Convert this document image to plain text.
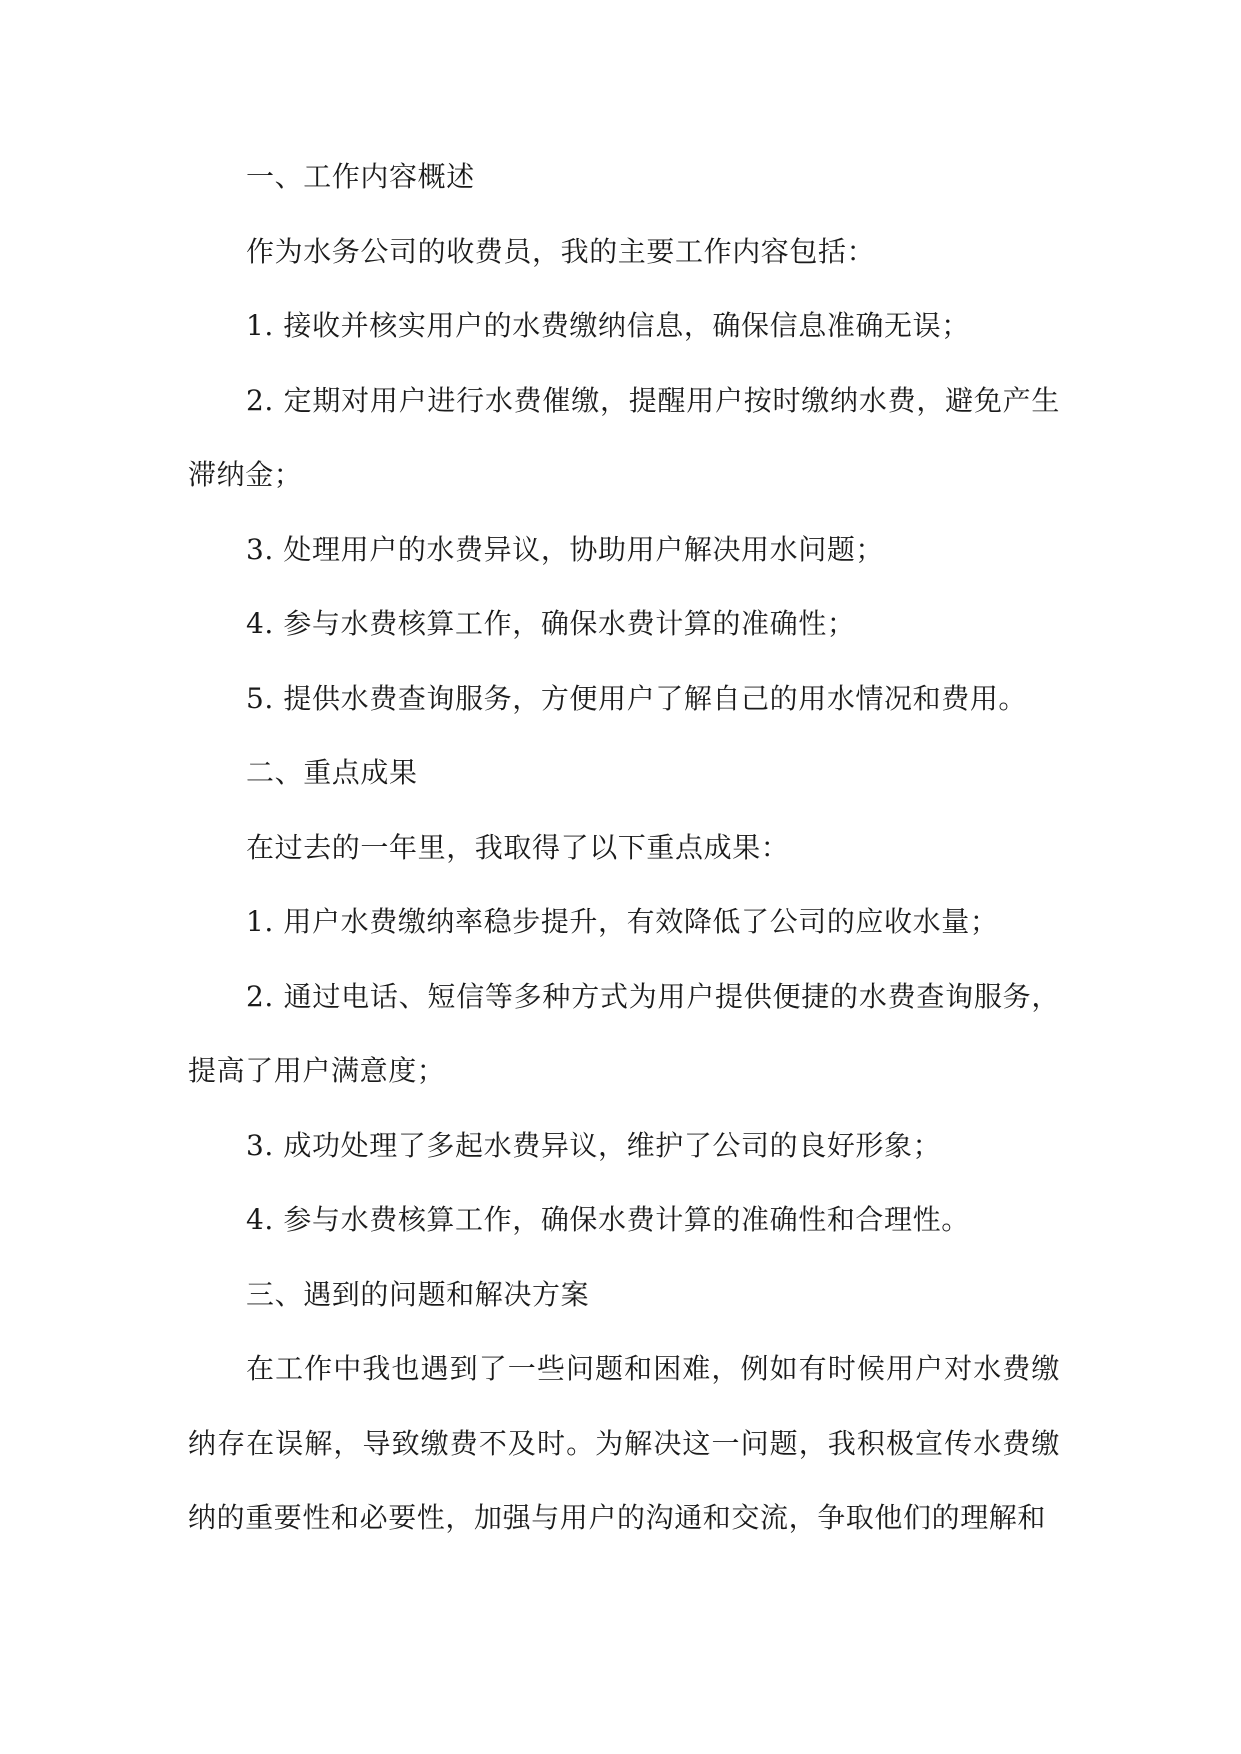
一、工作内容概述

作为水务公司的收费员，我的主要工作内容包括：

1. 接收并核实用户的水费缴纳信息，确保信息准确无误；

2. 定期对用户进行水费催缴，提醒用户按时缴纳水费，避免产生滞纳金；

3. 处理用户的水费异议，协助用户解决用水问题；

4. 参与水费核算工作，确保水费计算的准确性；

5. 提供水费查询服务，方便用户了解自己的用水情况和费用。

二、重点成果

在过去的一年里，我取得了以下重点成果：

1. 用户水费缴纳率稳步提升，有效降低了公司的应收水量；

2. 通过电话、短信等多种方式为用户提供便捷的水费查询服务，提高了用户满意度；

3. 成功处理了多起水费异议，维护了公司的良好形象；

4. 参与水费核算工作，确保水费计算的准确性和合理性。

三、遇到的问题和解决方案

在工作中我也遇到了一些问题和困难，例如有时候用户对水费缴纳存在误解，导致缴费不及时。为解决这一问题，我积极宣传水费缴纳的重要性和必要性，加强与用户的沟通和交流，争取他们的理解和
